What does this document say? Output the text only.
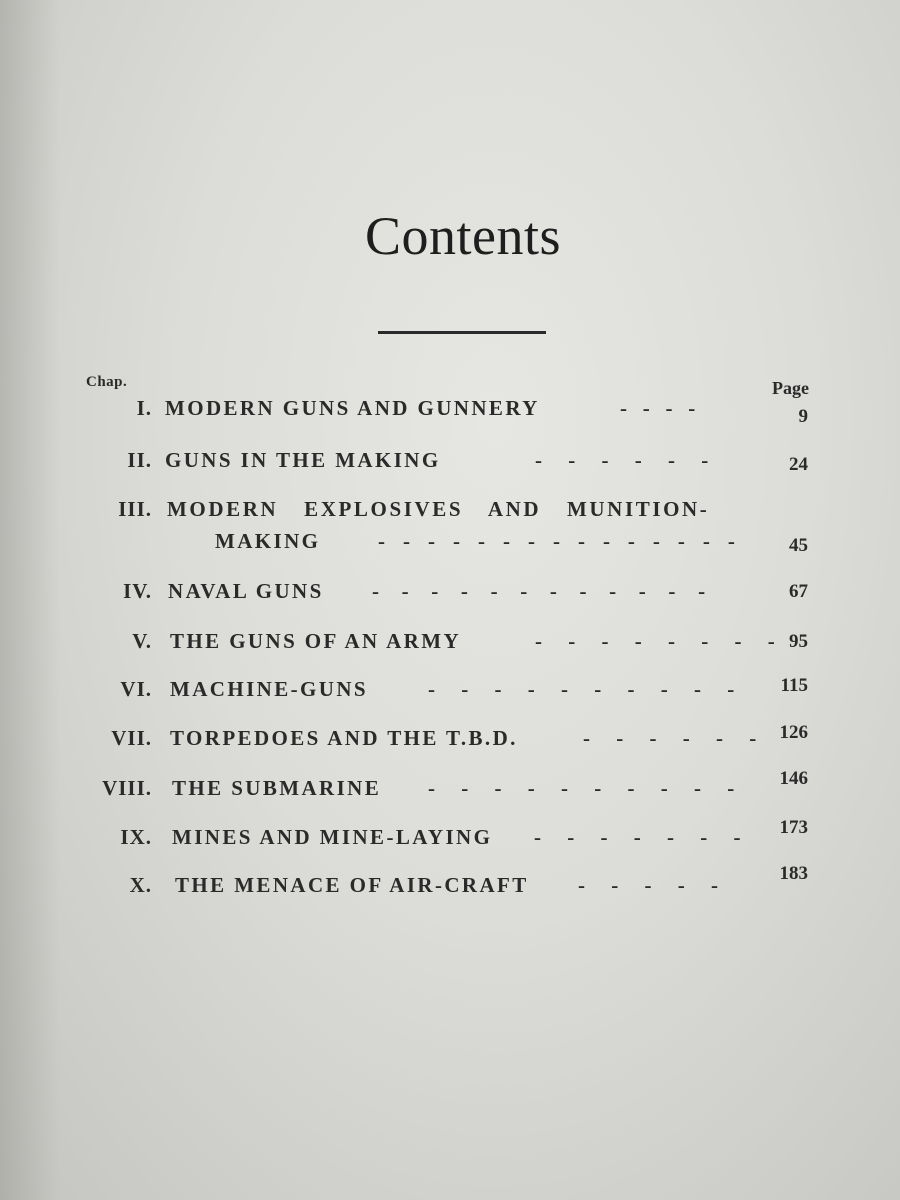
Contents
Chap.	Page
I. MODERN GUNS AND GUNNERY	-   -   -   -	9
II. GUNS IN THE MAKING	-     -     -     -     -     -	24
III. MODERN EXPLOSIVES AND MUNITION-
MAKING	-    -    -    -    -    -    -    -    -    -    -    -    -    -    -	45
IV. NAVAL GUNS -     -     -     -     -     -     -     -     -     -     -     -	67
V. THE GUNS OF AN ARMY	-     -     -     -     -     -     -     - 95
VI. MACHINE-GUNS	-     -     -     -     -     -     -     -     -     - 115
VII. TORPEDOES AND THE T.B.D.	-     -     -     -     -     - 126
VIII. THE SUBMARINE -     -     -     -     -     -     -     -     -     - 146
IX. MINES AND MINE-LAYING -     -     -     -     -     -     - 173
X. THE MENACE OF AIR-CRAFT -     -     -     -     -	183
